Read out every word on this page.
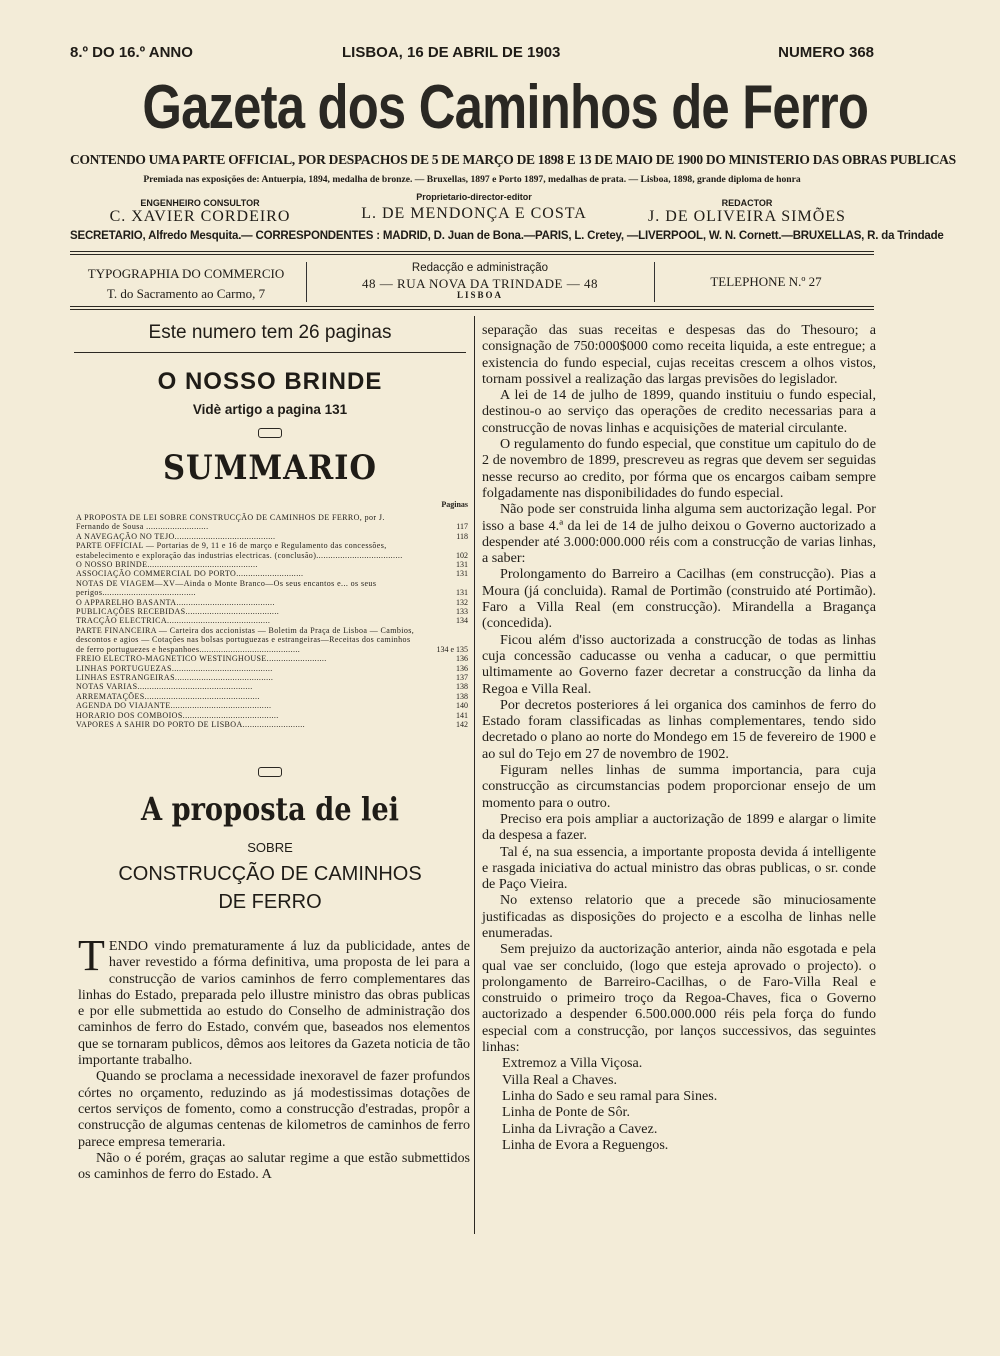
8.º DO 16.º ANNO	LISBOA, 16 DE ABRIL DE 1903	NUMERO 368
Gazeta dos Caminhos de Ferro
CONTENDO UMA PARTE OFFICIAL, POR DESPACHOS DE 5 DE MARÇO DE 1898 E 13 DE MAIO DE 1900 DO MINISTERIO DAS OBRAS PUBLICAS
Premiada nas exposições de: Antuerpia, 1894, medalha de bronze. — Bruxellas, 1897 e Porto 1897, medalhas de prata. — Lisboa, 1898, grande diploma de honra
ENGENHEIRO CONSULTOR
C. XAVIER CORDEIRO
Proprietario-director-editor
L. DE MENDONÇA E COSTA
REDACTOR
J. DE OLIVEIRA SIMÕES
SECRETARIO, Alfredo Mesquita.— CORRESPONDENTES : MADRID, D. Juan de Bona.—PARIS, L. Cretey, —LIVERPOOL, W. N. Cornett.—BRUXELLAS, R. da Trindade
TYPOGRAPHIA DO COMMERCIO
T. do Sacramento ao Carmo, 7
Redacção e administração
48 — RUA NOVA DA TRINDADE — 48
LISBOA
TELEPHONE N.º 27
Este numero tem 26 paginas
O NOSSO BRINDE
Vidè artigo a pagina 131
SUMMARIO
Paginas
A PROPOSTA DE LEI SOBRE CONSTRUCÇÃO DE CAMINHOS DE FERRO, por J. Fernando de Sousa ..........................	117
A NAVEGAÇÃO NO TEJO..........................................	118
PARTE OFFICIAL — Portarias de 9, 11 e 16 de março e Regulamento das concessões, estabelecimento e exploração das industrias electricas. (conclusão)....................................	102
O NOSSO BRINDE..............................................	131
ASSOCIAÇÃO COMMERCIAL DO PORTO............................	131
NOTAS DE VIAGEM—XV—Ainda o Monte Branco—Os seus encantos e... os seus perigos.......................................	131
O APPARELHO BASANTA.........................................	132
PUBLICAÇÕES RECEBIDAS.......................................	133
TRACÇÃO ELECTRICA...........................................	134
PARTE FINANCEIRA — Carteira dos accionistas — Boletim da Praça de Lisboa — Cambios, descontos e agios — Cotações nas bolsas portuguezas e estrangeiras—Receitas dos caminhos de ferro portuguezes e hespanhoes..........................................	134 e 135
FREIO ELECTRO-MAGNETICO WESTINGHOUSE.........................	136
LINHAS PORTUGUEZAS..........................................	136
LINHAS ESTRANGEIRAS.........................................	137
NOTAS VARIAS................................................	138
ARREMATAÇÕES................................................	138
AGENDA DO VIAJANTE..........................................	140
HORARIO DOS COMBOIOS........................................	141
VAPORES A SAHIR DO PORTO DE LISBOA..........................	142
A proposta de lei
SOBRE
CONSTRUCÇÃO DE CAMINHOS
DE FERRO

TENDO vindo prematuramente á luz da publicidade, antes de haver revestido a fórma definitiva, uma proposta de lei para a construcção de varios caminhos de ferro complementares das linhas do Estado, preparada pelo illustre ministro das obras publicas e por elle submettida ao estudo do Conselho de administração dos caminhos de ferro do Estado, convém que, baseados nos elementos que se tornaram publicos, dêmos aos leitores da Gazeta noticia de tão importante trabalho.

Quando se proclama a necessidade inexoravel de fazer profundos córtes no orçamento, reduzindo as já modestissimas dotações de certos serviços de fomento, como a construcção d'estradas, propôr a construcção de algumas centenas de kilometros de caminhos de ferro parece empresa temeraria.

Não o é porém, graças ao salutar regime a que estão submettidos os caminhos de ferro do Estado. A

separação das suas receitas e despesas das do Thesouro; a consignação de 750:000$000 como receita liquida, a este entregue; a existencia do fundo especial, cujas receitas crescem a olhos vistos, tornam possivel a realização das largas previsões do legislador.

A lei de 14 de julho de 1899, quando instituiu o fundo especial, destinou-o ao serviço das operações de credito necessarias para a construcção de novas linhas e acquisições de material circulante.

O regulamento do fundo especial, que constitue um capitulo do de 2 de novembro de 1899, prescreveu as regras que devem ser seguidas nesse recurso ao credito, por fórma que os encargos caibam sempre folgadamente nas disponibilidades do fundo especial.

Não pode ser construida linha alguma sem auctorização legal. Por isso a base 4.ª da lei de 14 de julho deixou o Governo auctorizado a despender até 3.000:000.000 réis com a construcção de varias linhas, a saber:

Prolongamento do Barreiro a Cacilhas (em construcção). Pias a Moura (já concluida). Ramal de Portimão (construido até Portimão). Faro a Villa Real (em construcção). Mirandella a Bragança (concedida).

Ficou além d'isso auctorizada a construcção de todas as linhas cuja concessão caducasse ou venha a caducar, o que permittiu ultimamente ao Governo fazer decretar a construcção da linha da Regoa e Villa Real.

Por decretos posteriores á lei organica dos caminhos de ferro do Estado foram classificadas as linhas complementares, tendo sido decretado o plano ao norte do Mondego em 15 de fevereiro de 1900 e ao sul do Tejo em 27 de novembro de 1902.

Figuram nelles linhas de summa importancia, para cuja construcção as circumstancias podem proporcionar ensejo de um momento para o outro.

Preciso era pois ampliar a auctorização de 1899 e alargar o limite da despesa a fazer.

Tal é, na sua essencia, a importante proposta devida á intelligente e rasgada iniciativa do actual ministro das obras publicas, o sr. conde de Paço Vieira.

No extenso relatorio que a precede são minuciosamente justificadas as disposições do projecto e a escolha de linhas nelle enumeradas.

Sem prejuizo da auctorização anterior, ainda não esgotada e pela qual vae ser concluido, (logo que esteja aprovado o projecto). o prolongamento de Barreiro-Cacilhas, o de Faro-Villa Real e construido o primeiro troço da Regoa-Chaves, fica o Governo auctorizado a despender 6.500.000.000 réis pela força do fundo especial com a construcção, por lanços successivos, das seguintes linhas:

Extremoz a Villa Viçosa.

Villa Real a Chaves.

Linha do Sado e seu ramal para Sines.

Linha de Ponte de Sôr.

Linha da Livração a Cavez.

Linha de Evora a Reguengos.
